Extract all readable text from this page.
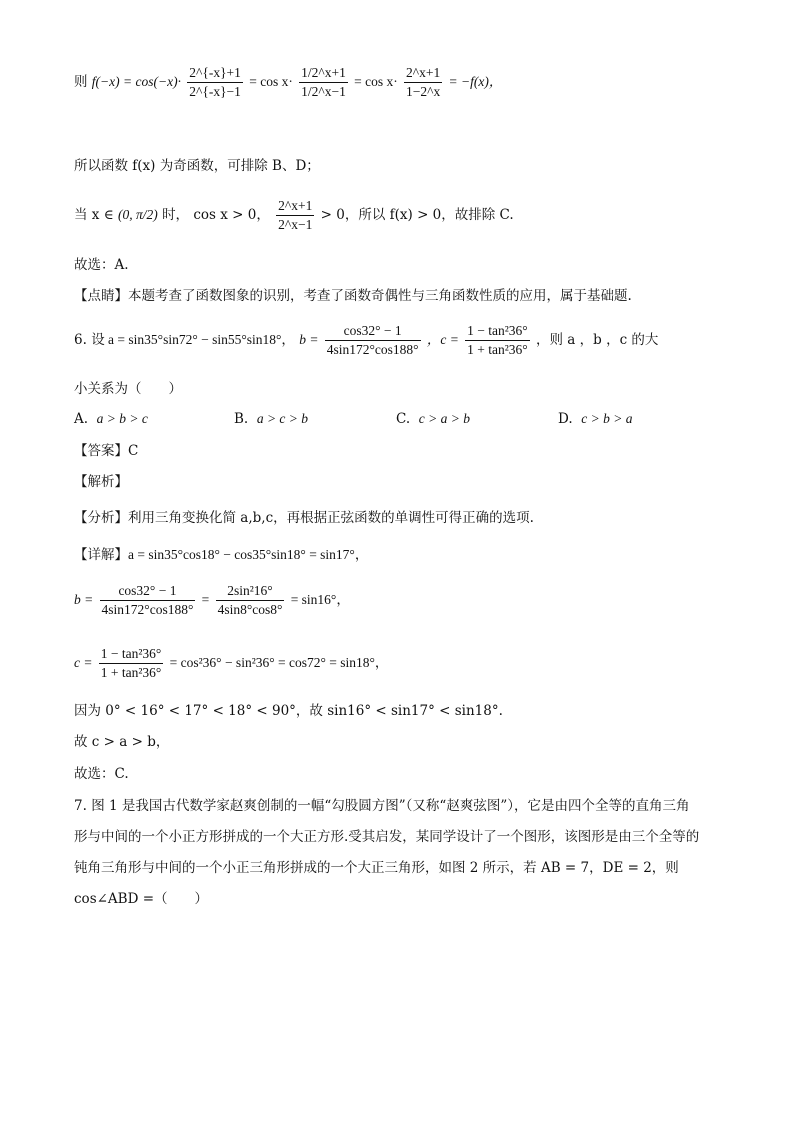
则 $f(-x) = \cos(-x)\cdot \frac{2\^{}\{-x\}+1}{2\^{}\{-x\}-1} = \cos x\cdot \frac{1/2\^{}x+1}{1/2\^{}x-1} = \cos x\cdot \frac{2\^{}x+1}{1-2\^{}x} = -f(x)$，
所以函数 f(x) 为奇函数，可排除 B、D；
当 x ∈ (0, π/2) 时， cos x > 0， $\frac{2\^{}x+1}{2\^{}x-1} > 0$，所以 f(x) > 0，故排除 C.
故选：A.
【点睛】本题考查了函数图象的识别，考查了函数奇偶性与三角函数性质的应用，属于基础题.
6. 设 a = sin35°sin72° − sin55°sin18°， $b = \frac{\cos 32^\circ - 1}{4\sin 172^\circ\cos 188^\circ}$ ，$c = \frac{\text{1 − tan²36°}}{\text{1 + tan²36°}}$ ，则 a ，b ，c 的大
小关系为（　　）
A. a > b > c	B. a > c > b	C. c > a > b	D. c > b > a
【答案】C
【解析】
【分析】利用三角变换化简 a,b,c，再根据正弦函数的单调性可得正确的选项.
【详解】a = sin35°cos18° − cos35°sin18° = sin17°，
$b = \frac{\cos 32^\circ - 1}{4\sin 172^\circ\cos 188^\circ} = \frac{\text{2sin²16°}}{4\sin 8^\circ\cos 8^\circ} = \sin 16^\circ$，
$c = \frac{\text{1 − tan²36°}}{\text{1 + tan²36°}} = \cos^236^\circ - \sin^236^\circ = \cos 72^\circ = \sin 18^\circ$，
因为 0° < 16° < 17° < 18° < 90°，故 sin16° < sin17° < sin18°.
故 c > a > b，
故选：C.
7. 图 1 是我国古代数学家赵爽创制的一幅“勾股圆方图”（又称“赵爽弦图”），它是由四个全等的直角三角
形与中间的一个小正方形拼成的一个大正方形.受其启发，某同学设计了一个图形，该图形是由三个全等的
钝角三角形与中间的一个小正三角形拼成的一个大正三角形，如图 2 所示，若 AB = 7，DE = 2，则
cos∠ABD =（　　）
